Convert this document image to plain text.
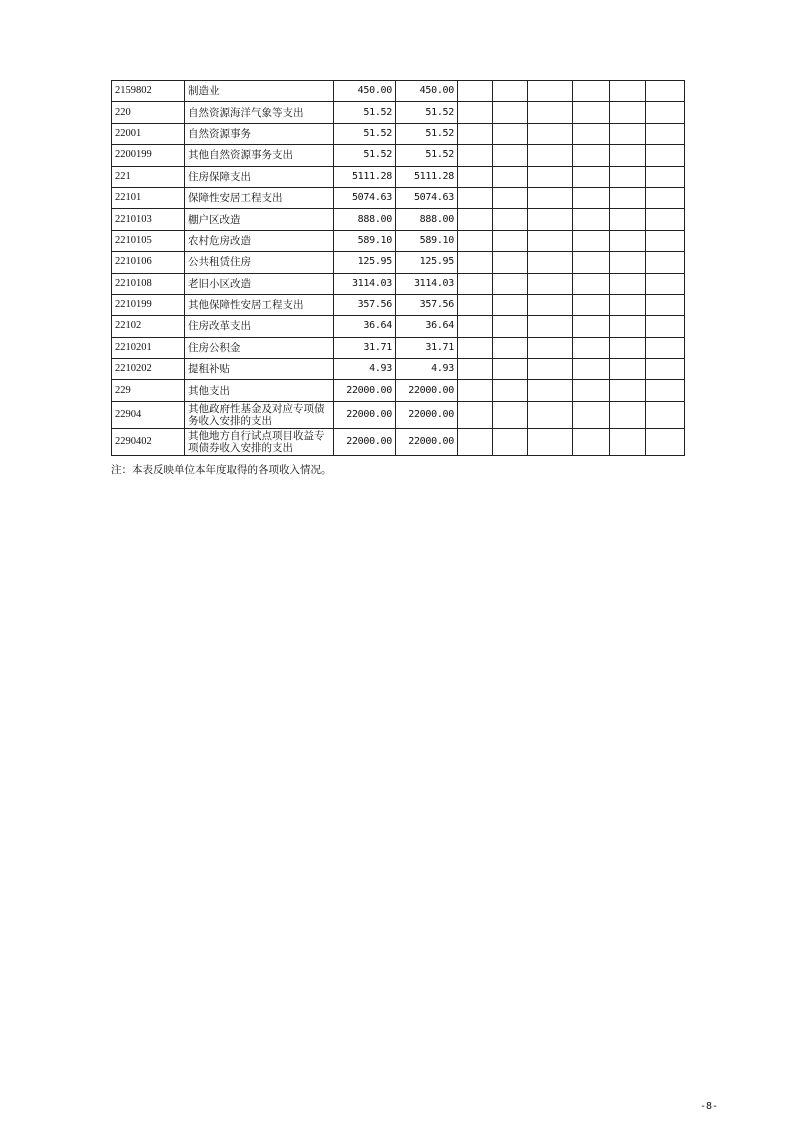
2159802	制造业	450.00	450.00						
220	自然资源海洋气象等支出	51.52	51.52						
22001	自然资源事务	51.52	51.52						
2200199	其他自然资源事务支出	51.52	51.52						
221	住房保障支出	5111.28	5111.28						
22101	保障性安居工程支出	5074.63	5074.63						
2210103	棚户区改造	888.00	888.00						
2210105	农村危房改造	589.10	589.10						
2210106	公共租赁住房	125.95	125.95						
2210108	老旧小区改造	3114.03	3114.03						
2210199	其他保障性安居工程支出	357.56	357.56						
22102	住房改革支出	36.64	36.64						
2210201	住房公积金	31.71	31.71						
2210202	提租补贴	4.93	4.93						
229	其他支出	22000.00	22000.00						
22904	其他政府性基金及对应专项债务收入安排的支出	22000.00	22000.00						
2290402	其他地方自行试点项目收益专项债券收入安排的支出	22000.00	22000.00						
注：本表反映单位本年度取得的各项收入情况。
-8-
